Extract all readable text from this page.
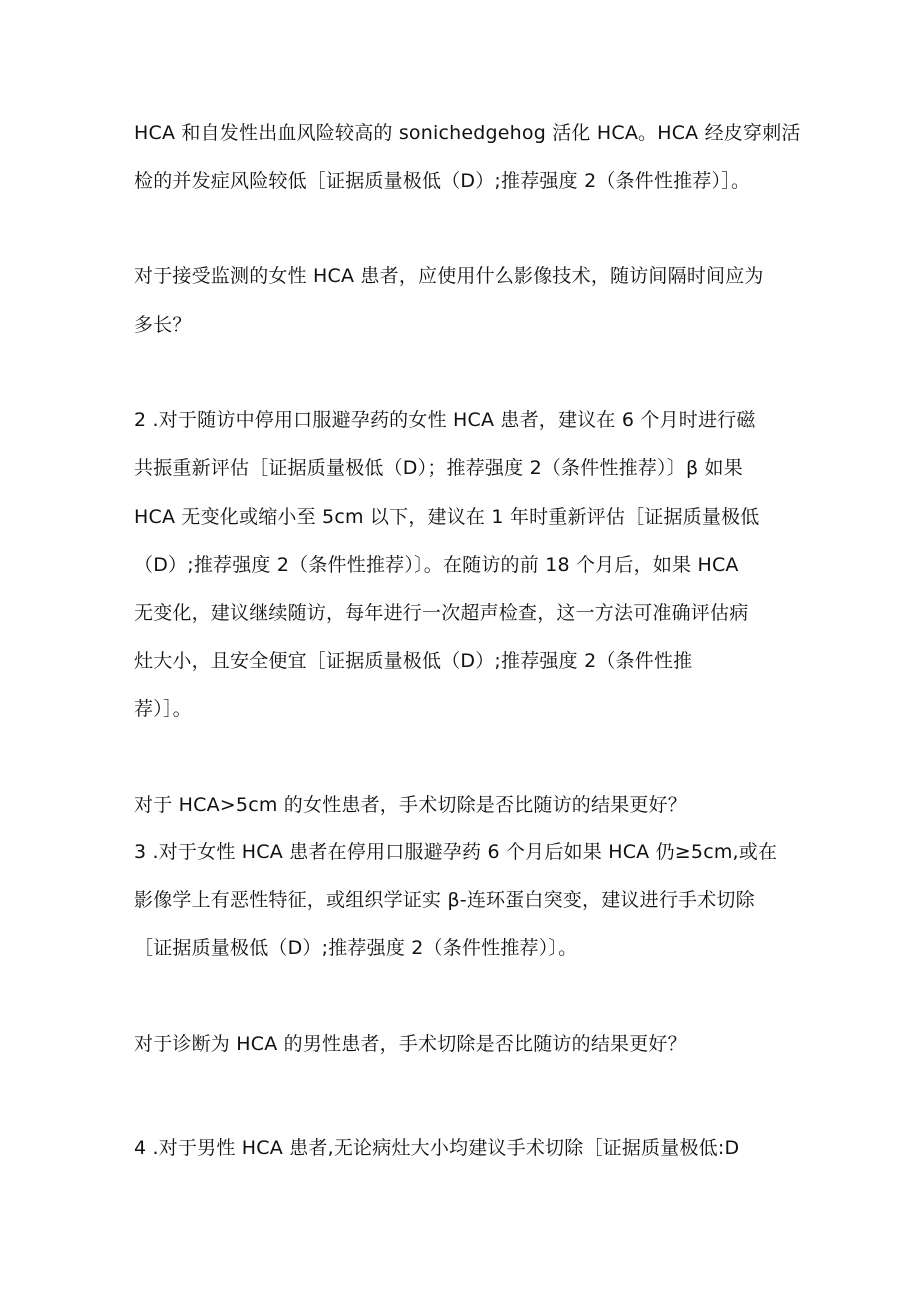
HCA 和自发性出血风险较高的 sonichedgehog 活化 HCA。HCA 经皮穿刺活
检的并发症风险较低［证据质量极低（D）;推荐强度 2（条件性推荐）］。
对于接受监测的女性 HCA 患者，应使用什么影像技术，随访间隔时间应为
多长？
2 .对于随访中停用口服避孕药的女性 HCA 患者，建议在 6 个月时进行磁
共振重新评估［证据质量极低（D）；推荐强度 2（条件性推荐）〕β 如果
HCA 无变化或缩小至 5cm 以下，建议在 1 年时重新评估［证据质量极低
（D）;推荐强度 2（条件性推荐）〕。在随访的前 18 个月后，如果 HCA
无变化，建议继续随访，每年进行一次超声检查，这一方法可准确评估病
灶大小，且安全便宜［证据质量极低（D）;推荐强度 2（条件性推
荐）］。
对于 HCA>5cm 的女性患者，手术切除是否比随访的结果更好？
3 .对于女性 HCA 患者在停用口服避孕药 6 个月后如果 HCA 仍≥5cm,或在
影像学上有恶性特征，或组织学证实 β-连环蛋白突变，建议进行手术切除
［证据质量极低（D）;推荐强度 2（条件性推荐）〕。
对于诊断为 HCA 的男性患者，手术切除是否比随访的结果更好？
4 .对于男性 HCA 患者,无论病灶大小均建议手术切除［证据质量极低:D
